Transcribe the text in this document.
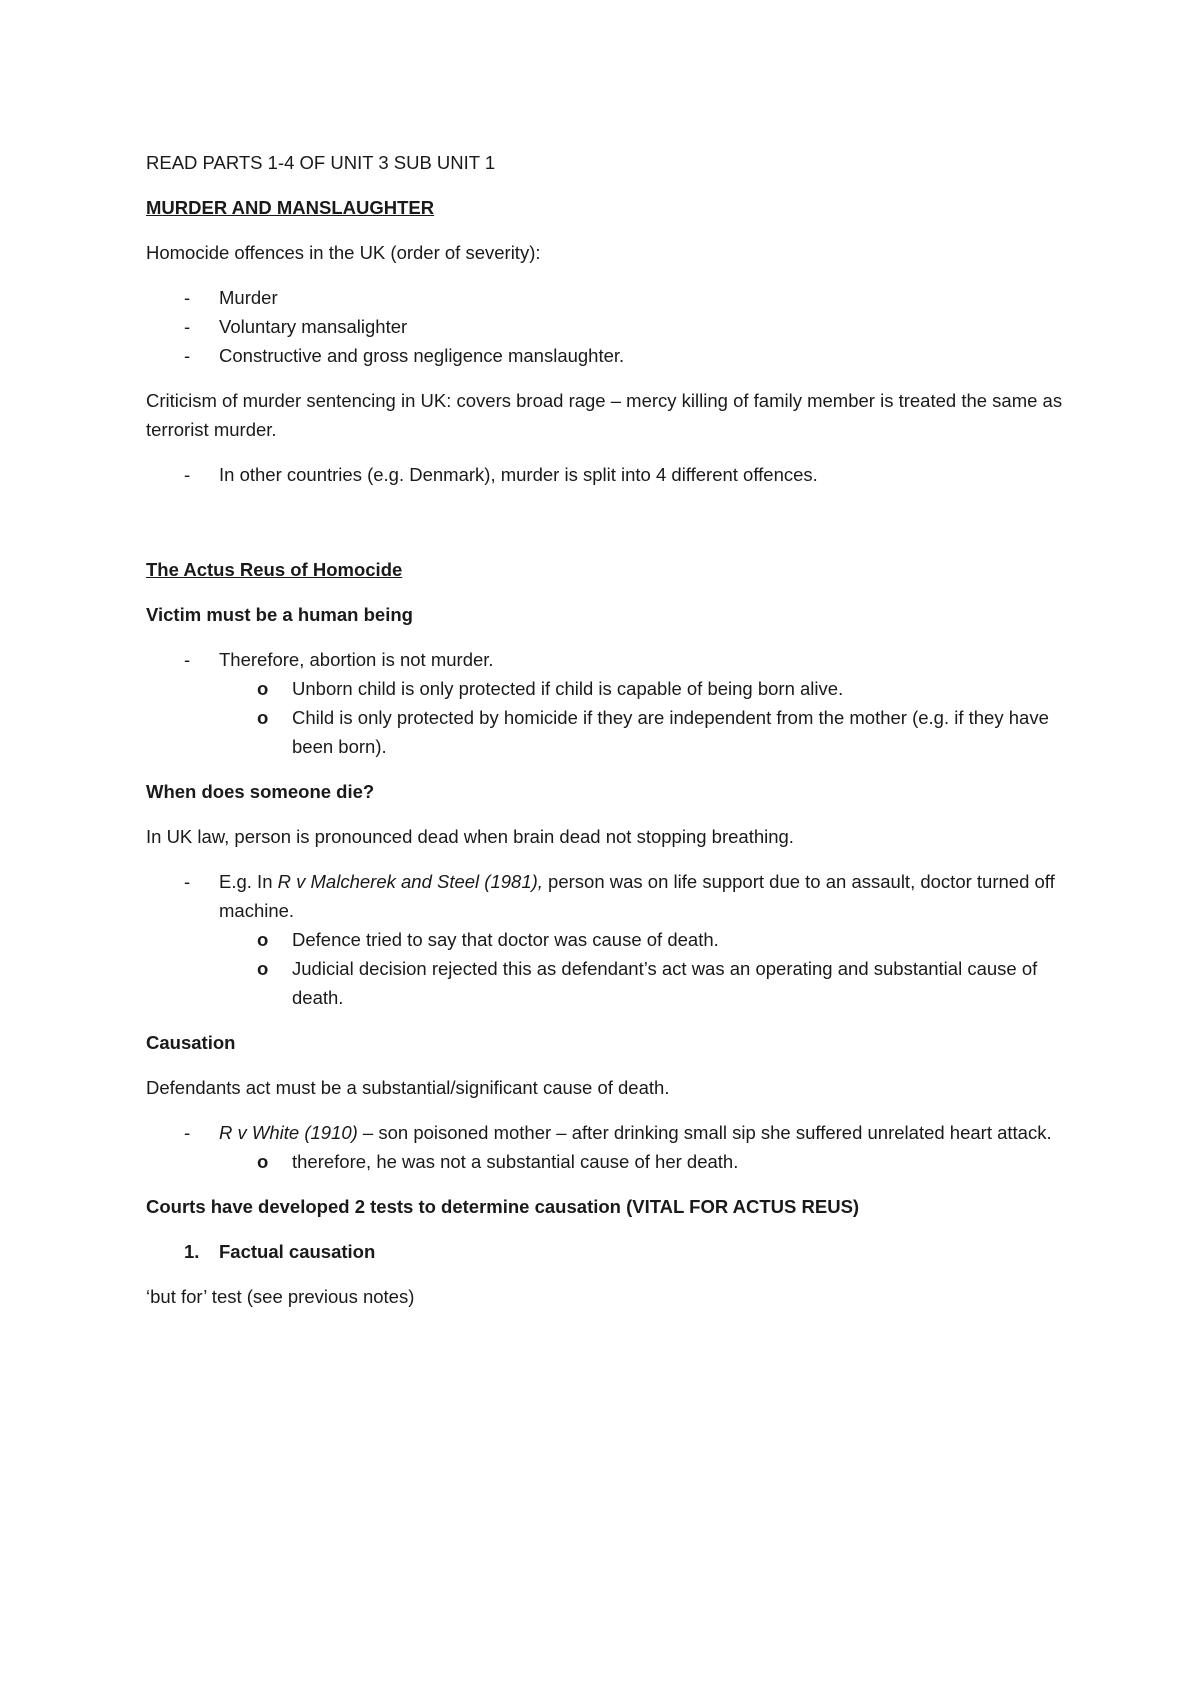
READ PARTS 1-4 OF UNIT 3 SUB UNIT 1

MURDER AND MANSLAUGHTER

Homocide offences in the UK (order of severity):

- Murder
- Voluntary mansalighter
- Constructive and gross negligence manslaughter.

Criticism of murder sentencing in UK: covers broad rage – mercy killing of family member is treated the same as terrorist murder.

- In other countries (e.g. Denmark), murder is split into 4 different offences.

The Actus Reus of Homocide

Victim must be a human being

- Therefore, abortion is not murder.
o Unborn child is only protected if child is capable of being born alive.
o Child is only protected by homicide if they are independent from the mother (e.g. if they have been born).

When does someone die?

In UK law, person is pronounced dead when brain dead not stopping breathing.

- E.g. In R v Malcherek and Steel (1981), person was on life support due to an assault, doctor turned off machine.
o Defence tried to say that doctor was cause of death.
o Judicial decision rejected this as defendant’s act was an operating and substantial cause of death.

Causation

Defendants act must be a substantial/significant cause of death.

- R v White (1910) – son poisoned mother – after drinking small sip she suffered unrelated heart attack.
o therefore, he was not a substantial cause of her death.

Courts have developed 2 tests to determine causation (VITAL FOR ACTUS REUS)

1. Factual causation

‘but for’ test (see previous notes)
